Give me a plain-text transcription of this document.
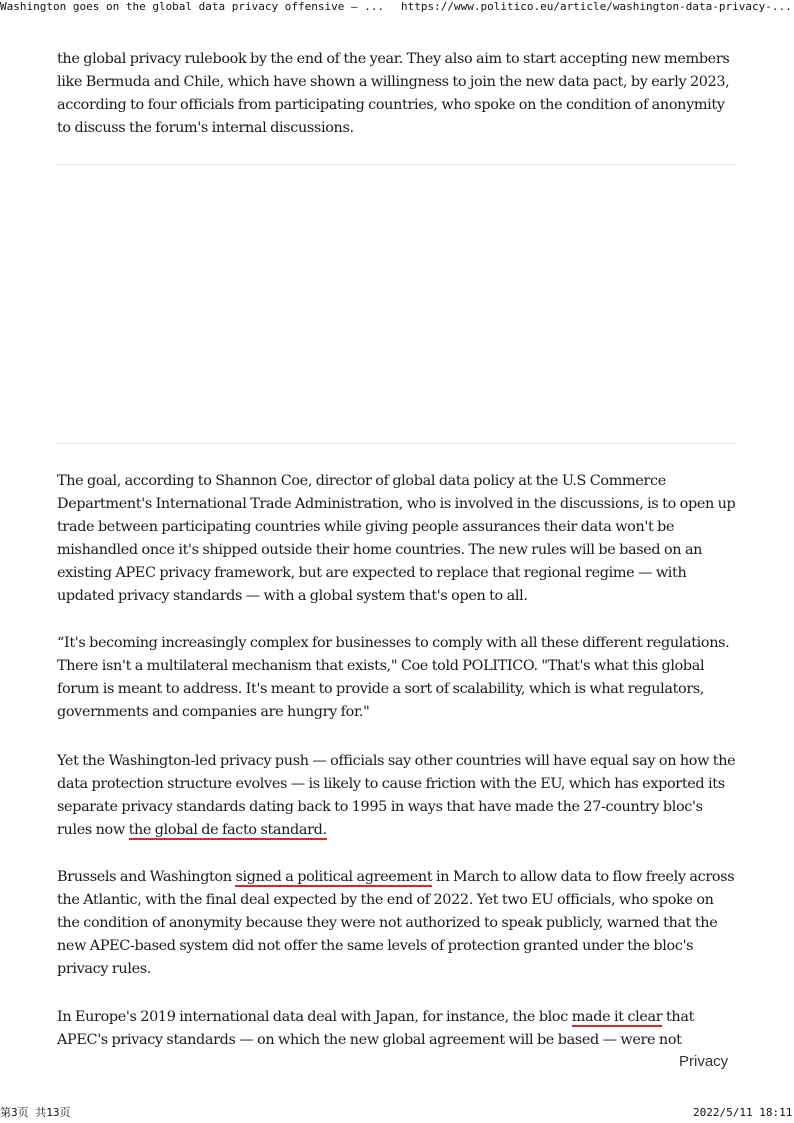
Washington goes on the global data privacy offensive – ... https://www.politico.eu/article/washington-data-privacy-...

the global privacy rulebook by the end of the year. They also aim to start accepting new members like Bermuda and Chile, which have shown a willingness to join the new data pact, by early 2023, according to four officials from participating countries, who spoke on the condition of anonymity to discuss the forum's internal discussions.

The goal, according to Shannon Coe, director of global data policy at the U.S Commerce Department's International Trade Administration, who is involved in the discussions, is to open up trade between participating countries while giving people assurances their data won't be mishandled once it's shipped outside their home countries. The new rules will be based on an existing APEC privacy framework, but are expected to replace that regional regime — with updated privacy standards — with a global system that's open to all.

“It's becoming increasingly complex for businesses to comply with all these different regulations. There isn't a multilateral mechanism that exists," Coe told POLITICO. "That's what this global forum is meant to address. It's meant to provide a sort of scalability, which is what regulators, governments and companies are hungry for."

Yet the Washington-led privacy push — officials say other countries will have equal say on how the data protection structure evolves — is likely to cause friction with the EU, which has exported its separate privacy standards dating back to 1995 in ways that have made the 27-country bloc's rules now the global de facto standard.

Brussels and Washington signed a political agreement in March to allow data to flow freely across the Atlantic, with the final deal expected by the end of 2022. Yet two EU officials, who spoke on the condition of anonymity because they were not authorized to speak publicly, warned that the new APEC-based system did not offer the same levels of protection granted under the bloc's privacy rules.

In Europe's 2019 international data deal with Japan, for instance, the bloc made it clear that APEC's privacy standards — on which the new global agreement will be based — were not

Privacy
第3页 共13页	2022/5/11 18:11
